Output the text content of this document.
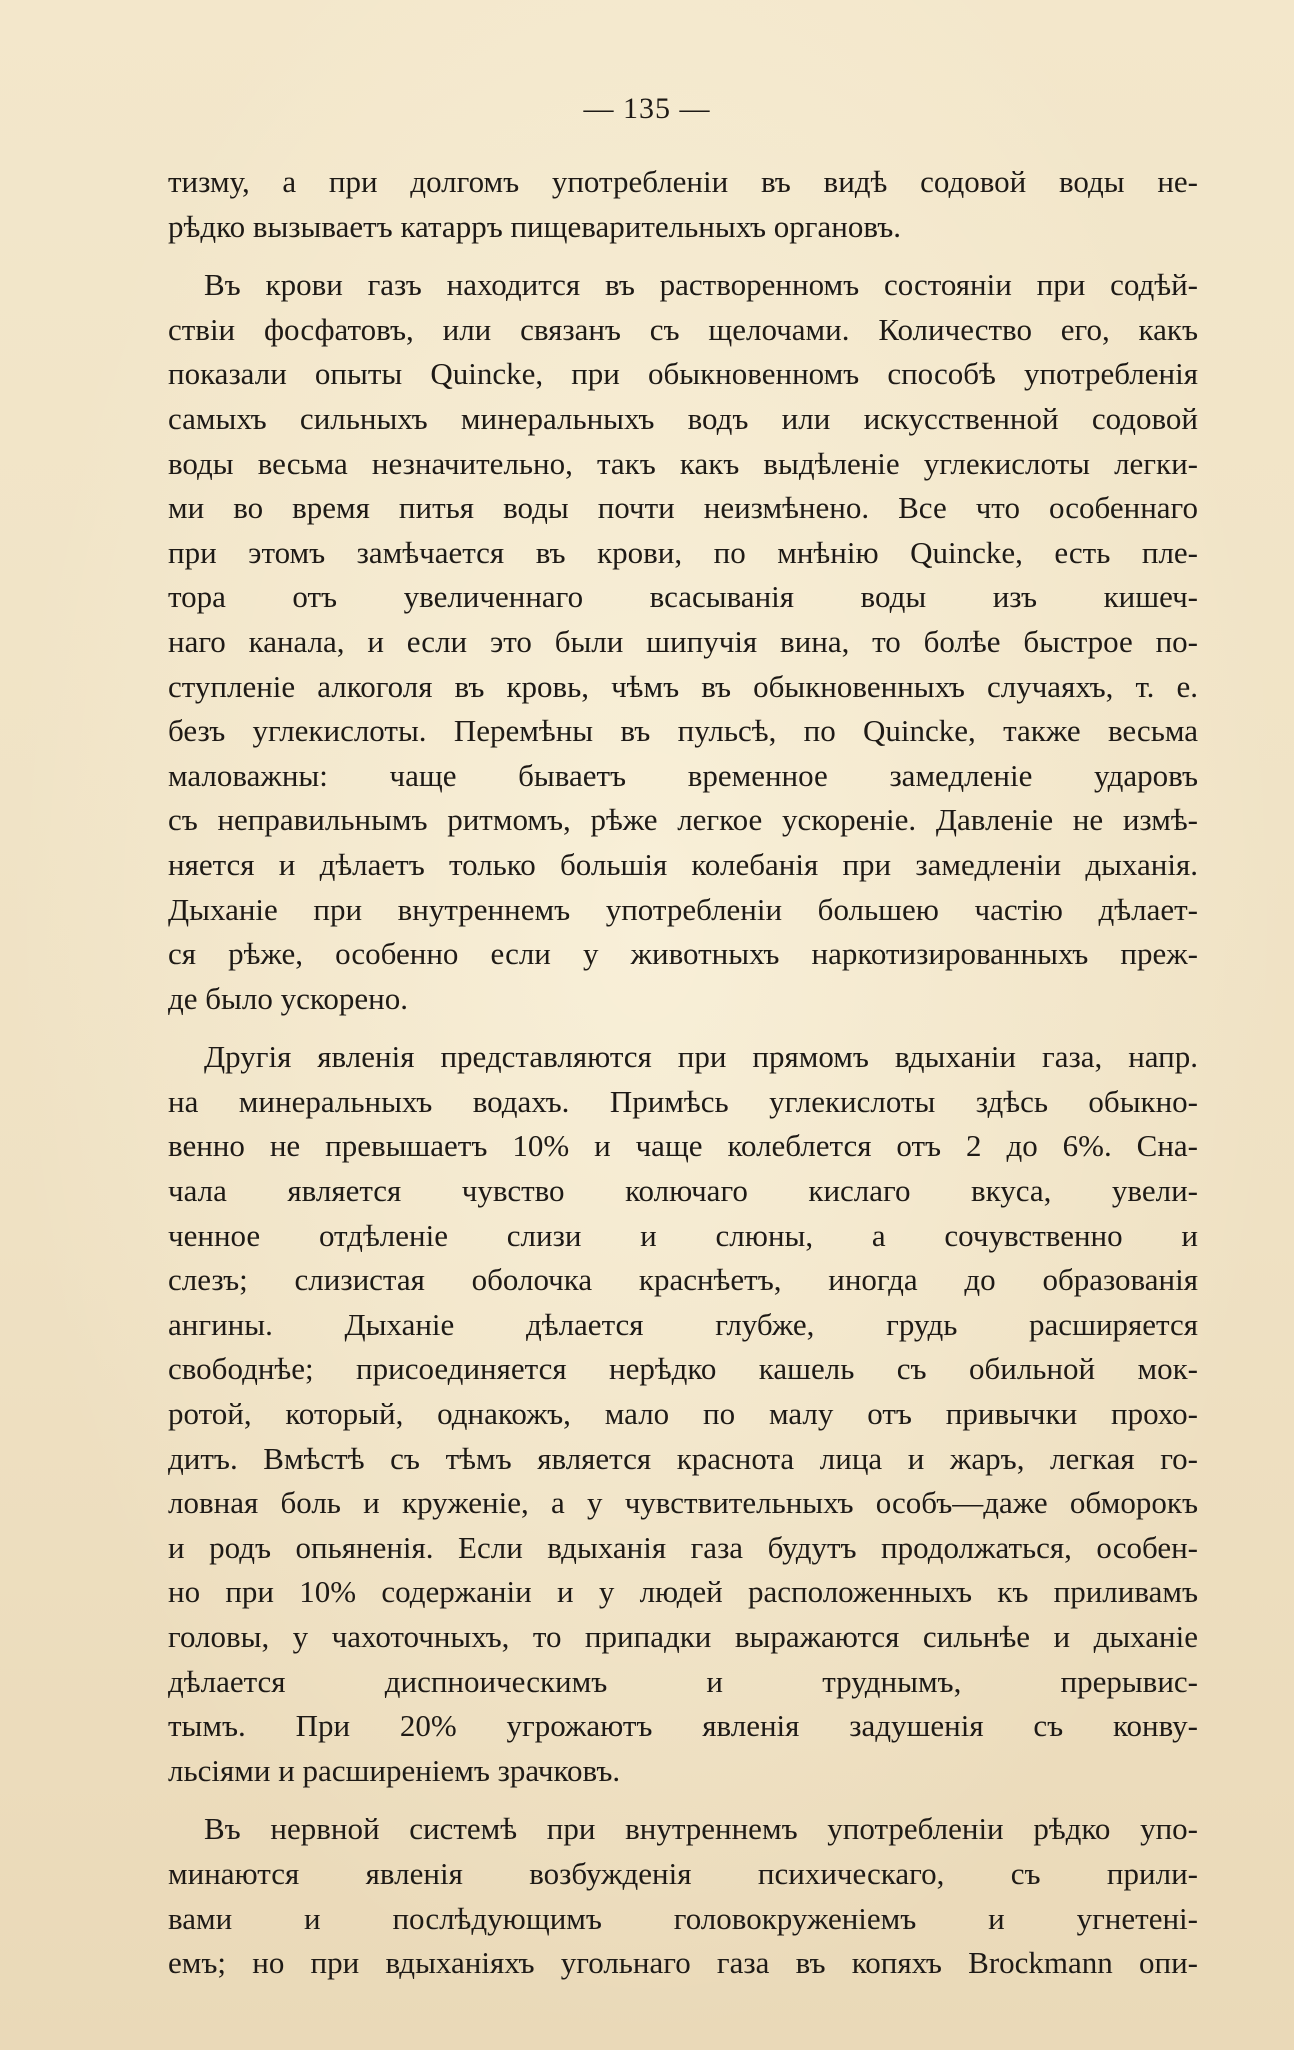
— 135 —
тизму, а при долгомъ употребленіи въ видѣ содовой воды не-
рѣдко вызываетъ катарръ пищеварительныхъ органовъ.
Въ крови газъ находится въ растворенномъ состояніи при содѣй-
ствіи фосфатовъ, или связанъ съ щелочами. Количество его, какъ
показали опыты Quincke, при обыкновенномъ способѣ употребленія
самыхъ сильныхъ минеральныхъ водъ или искусственной содовой
воды весьма незначительно, такъ какъ выдѣленіе углекислоты легки-
ми во время питья воды почти неизмѣнено. Все что особеннаго
при этомъ замѣчается въ крови, по мнѣнію Quincke, есть пле-
тора отъ увеличеннаго всасыванія воды изъ кишеч-
наго канала, и если это были шипучія вина, то болѣе быстрое по-
ступленіе алкоголя въ кровь, чѣмъ въ обыкновенныхъ случаяхъ, т. е.
безъ углекислоты. Перемѣны въ пульсѣ, по Quincke, также весьма
маловажны: чаще бываетъ временное замедленіе ударовъ
съ неправильнымъ ритмомъ, рѣже легкое ускореніе. Давленіе не измѣ-
няется и дѣлаетъ только большія колебанія при замедленіи дыханія.
Дыханіе при внутреннемъ употребленіи большею частію дѣлает-
ся рѣже, особенно если у животныхъ наркотизированныхъ преж-
де было ускорено.
Другія явленія представляются при прямомъ вдыханіи газа, напр.
на минеральныхъ водахъ. Примѣсь углекислоты здѣсь обыкно-
венно не превышаетъ 10% и чаще колеблется отъ 2 до 6%. Сна-
чала является чувство колючаго кислаго вкуса, увели-
ченное отдѣленіе слизи и слюны, а сочувственно и
слезъ; слизистая оболочка краснѣетъ, иногда до образованія
ангины. Дыханіе дѣлается глубже, грудь расширяется
свободнѣе; присоединяется нерѣдко кашель съ обильной мок-
ротой, который, однакожъ, мало по малу отъ привычки прохо-
дитъ. Вмѣстѣ съ тѣмъ является краснота лица и жаръ, легкая го-
ловная боль и круженіе, а у чувствительныхъ особъ—даже обморокъ
и родъ опьяненія. Если вдыханія газа будутъ продолжаться, особен-
но при 10% содержаніи и у людей расположенныхъ къ приливамъ
головы, у чахоточныхъ, то припадки выражаются сильнѣе и дыханіе
дѣлается диспноическимъ и труднымъ, прерывис-
тымъ. При 20% угрожаютъ явленія задушенія съ конву-
льсіями и расширеніемъ зрачковъ.
Въ нервной системѣ при внутреннемъ употребленіи рѣдко упо-
минаются явленія возбужденія психическаго, съ прили-
вами и послѣдующимъ головокруженіемъ и угнетені-
емъ; но при вдыханіяхъ угольнаго газа въ копяхъ Brockmann опи-
